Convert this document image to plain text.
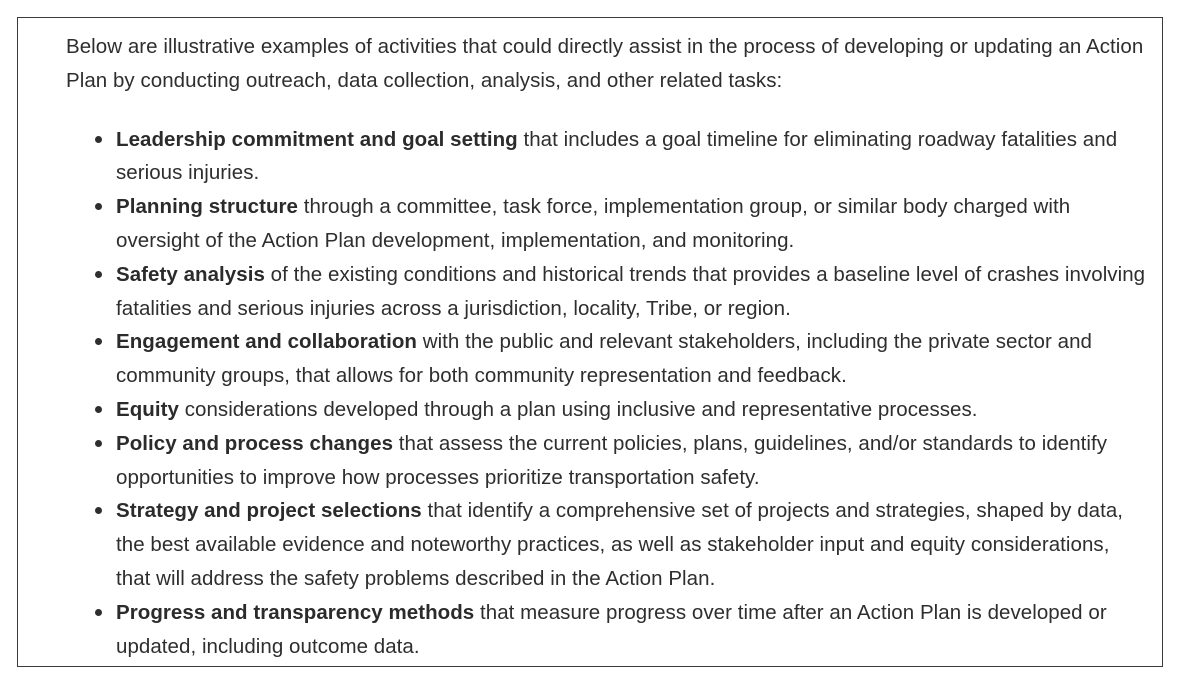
Below are illustrative examples of activities that could directly assist in the process of developing or updating an Action Plan by conducting outreach, data collection, analysis, and other related tasks:

Leadership commitment and goal setting that includes a goal timeline for eliminating roadway fatalities and serious injuries.
Planning structure through a committee, task force, implementation group, or similar body charged with oversight of the Action Plan development, implementation, and monitoring.
Safety analysis of the existing conditions and historical trends that provides a baseline level of crashes involving fatalities and serious injuries across a jurisdiction, locality, Tribe, or region.
Engagement and collaboration with the public and relevant stakeholders, including the private sector and community groups, that allows for both community representation and feedback.
Equity considerations developed through a plan using inclusive and representative processes.
Policy and process changes that assess the current policies, plans, guidelines, and/or standards to identify opportunities to improve how processes prioritize transportation safety.
Strategy and project selections that identify a comprehensive set of projects and strategies, shaped by data, the best available evidence and noteworthy practices, as well as stakeholder input and equity considerations, that will address the safety problems described in the Action Plan.
Progress and transparency methods that measure progress over time after an Action Plan is developed or updated, including outcome data.
